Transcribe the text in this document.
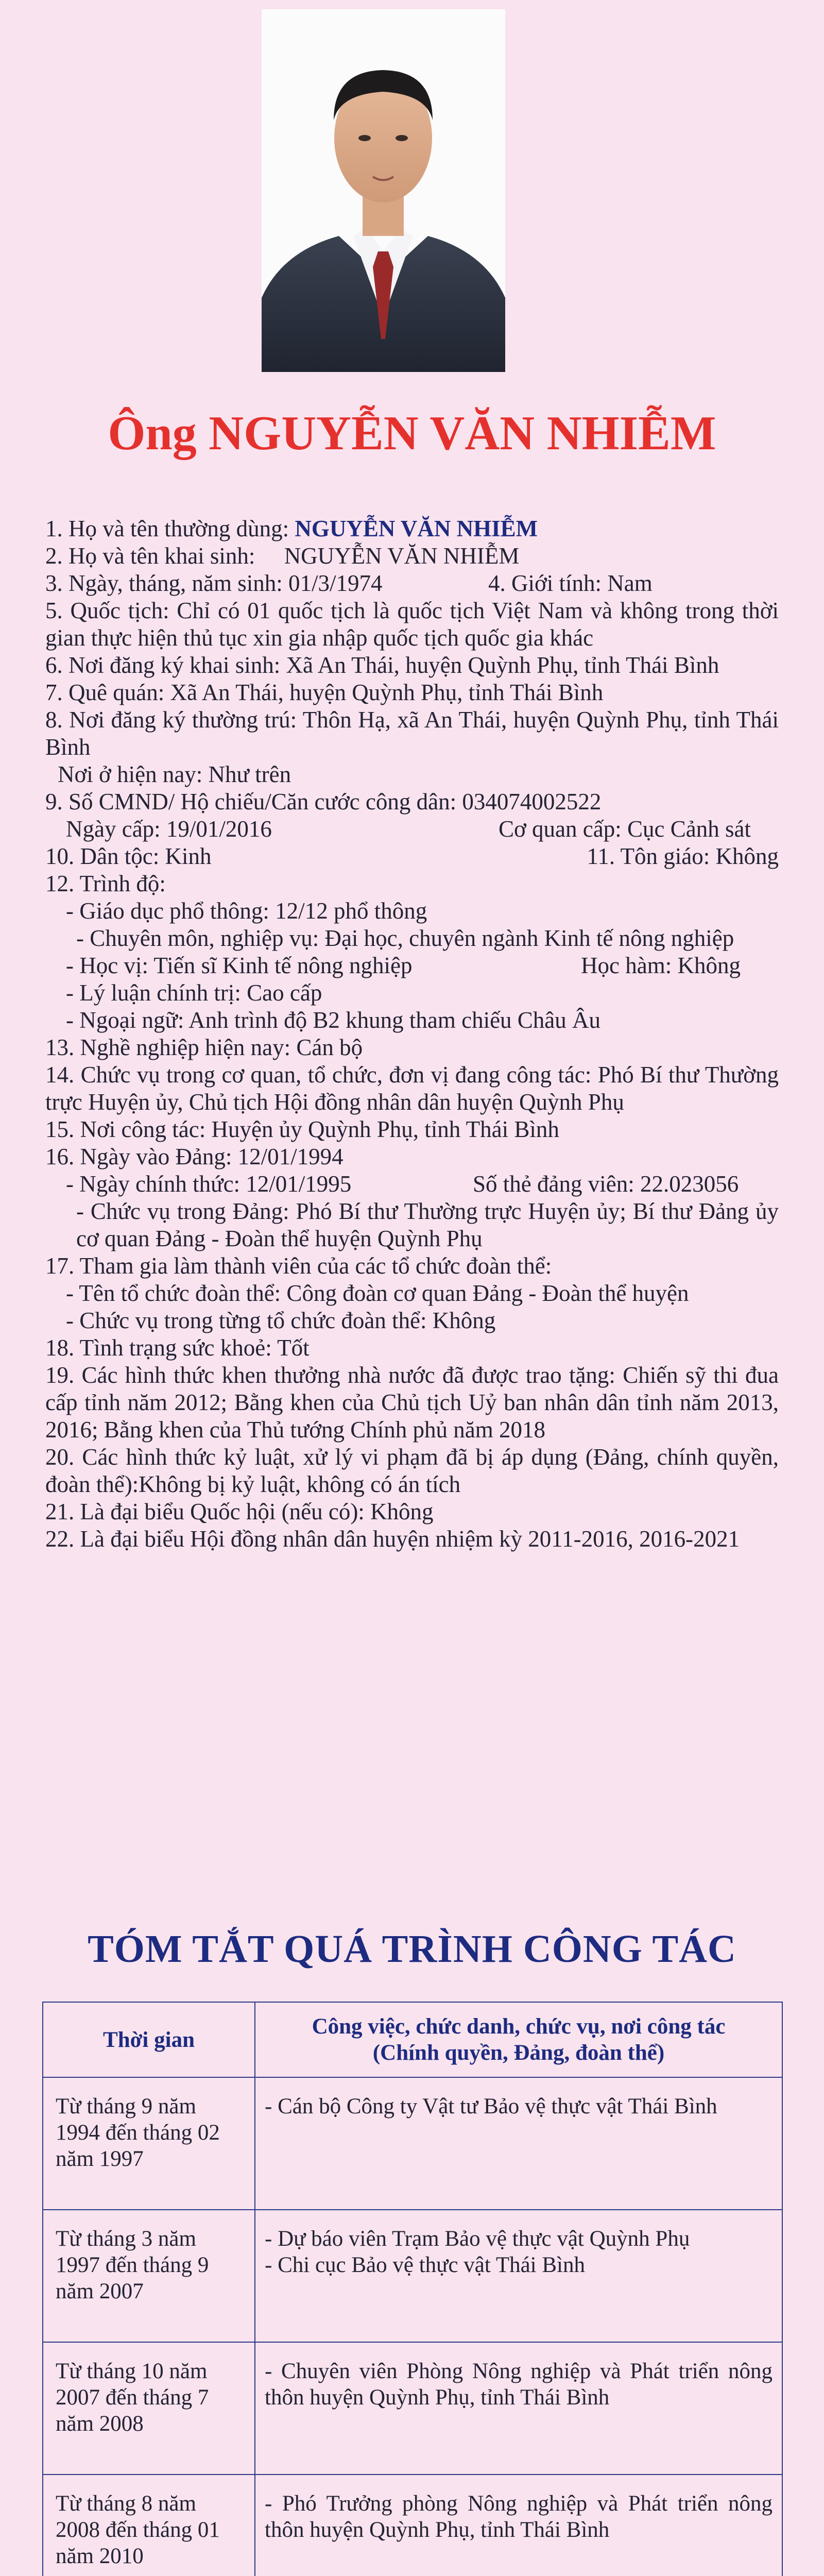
Ông NGUYỄN VĂN NHIỄM

1. Họ và tên thường dùng: NGUYỄN VĂN NHIỄM

2. Họ và tên khai sinh:     NGUYỄN VĂN NHIỄM

3. Ngày, tháng, năm sinh: 01/3/1974	4. Giới tính: Nam

5. Quốc tịch: Chỉ có 01 quốc tịch là quốc tịch Việt Nam và không trong thời gian thực hiện thủ tục xin gia nhập quốc tịch quốc gia khác

6. Nơi đăng ký khai sinh: Xã An Thái, huyện Quỳnh Phụ, tỉnh Thái Bình

7. Quê quán: Xã An Thái, huyện Quỳnh Phụ, tỉnh Thái Bình

8. Nơi đăng ký thường trú: Thôn Hạ, xã An Thái, huyện Quỳnh Phụ, tỉnh Thái Bình

Nơi ở hiện nay: Như trên

9. Số CMND/ Hộ chiếu/Căn cước công dân: 034074002522

Ngày cấp: 19/01/2016	Cơ quan cấp: Cục Cảnh sát

10. Dân tộc: Kinh	11. Tôn giáo: Không

12. Trình độ:

- Giáo dục phổ thông: 12/12 phổ thông

- Chuyên môn, nghiệp vụ: Đại học, chuyên ngành Kinh tế nông nghiệp

- Học vị: Tiến sĩ Kinh tế nông nghiệp	Học hàm: Không

- Lý luận chính trị: Cao cấp

- Ngoại ngữ: Anh trình độ B2 khung tham chiếu Châu Âu

13. Nghề nghiệp hiện nay: Cán bộ

14. Chức vụ trong cơ quan, tổ chức, đơn vị đang công tác: Phó Bí thư Thường trực Huyện ủy, Chủ tịch Hội đồng nhân dân huyện Quỳnh Phụ

15. Nơi công tác: Huyện ủy Quỳnh Phụ, tỉnh Thái Bình

16. Ngày vào Đảng: 12/01/1994

- Ngày chính thức: 12/01/1995	Số thẻ đảng viên: 22.023056

- Chức vụ trong Đảng: Phó Bí thư Thường trực Huyện ủy; Bí thư Đảng ủy cơ quan Đảng - Đoàn thể huyện Quỳnh Phụ

17. Tham gia làm thành viên của các tổ chức đoàn thể:

- Tên tổ chức đoàn thể: Công đoàn cơ quan Đảng - Đoàn thể huyện

- Chức vụ trong từng tổ chức đoàn thể: Không

18. Tình trạng sức khoẻ: Tốt

19. Các hình thức khen thưởng nhà nước đã được trao tặng: Chiến sỹ thi đua cấp tỉnh năm 2012; Bằng khen của Chủ tịch Uỷ ban nhân dân tỉnh năm 2013, 2016; Bằng khen của Thủ tướng Chính phủ năm 2018

20. Các hình thức kỷ luật, xử lý vi phạm đã bị áp dụng (Đảng, chính quyền, đoàn thể):Không bị kỷ luật, không có án tích

21. Là đại biểu Quốc hội (nếu có): Không

22. Là đại biểu Hội đồng nhân dân huyện nhiệm kỳ 2011-2016, 2016-2021

TÓM TẮT QUÁ TRÌNH CÔNG TÁC
Thời gian	Công việc, chức danh, chức vụ, nơi công tác
(Chính quyền, Đảng, đoàn thể)

Từ tháng 9 năm 1994 đến tháng 02 năm 1997	- Cán bộ Công ty Vật tư Bảo vệ thực vật Thái Bình
Từ tháng 3 năm 1997 đến tháng 9 năm 2007	- Dự báo viên Trạm Bảo vệ thực vật Quỳnh Phụ
- Chi cục Bảo vệ thực vật Thái Bình
Từ tháng 10 năm 2007 đến tháng 7 năm 2008	- Chuyên viên Phòng Nông nghiệp và Phát triển nông thôn huyện Quỳnh Phụ, tỉnh Thái Bình
Từ tháng 8 năm 2008 đến tháng 01 năm 2010	- Phó Trưởng phòng Nông nghiệp và Phát triển nông thôn huyện Quỳnh Phụ, tỉnh Thái Bình
